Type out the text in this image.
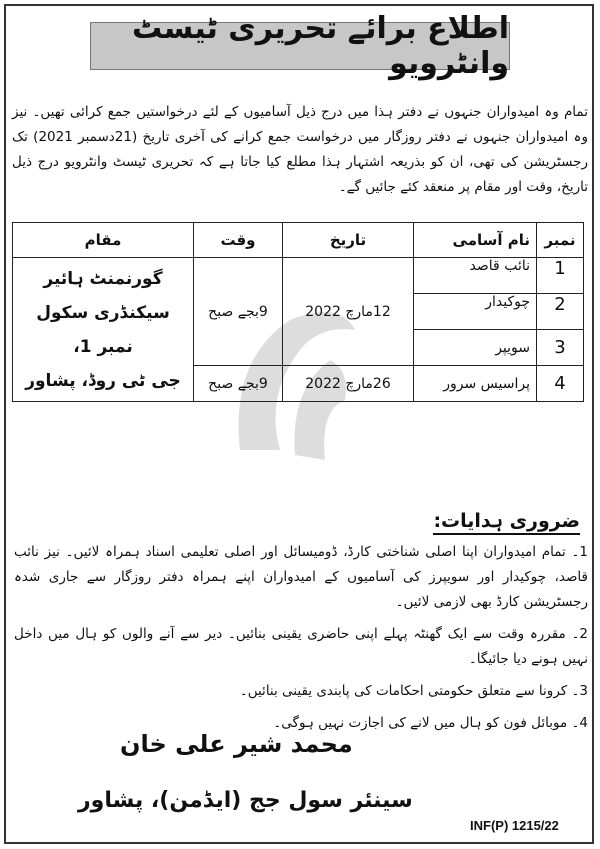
اطلاع برائے تحریری ٹیسٹ وانٹرویو
تمام وہ امیدواران جنہوں نے دفتر ہذا میں درج ذیل آسامیوں کے لئے درخواستیں جمع کرائی تھیں۔ نیز وہ امیدواران جنہوں نے دفتر روزگار میں درخواست جمع کرانے کی آخری تاریخ (21دسمبر 2021) تک رجسٹریشن کی تھی، ان کو بذریعہ اشتہار ہذا مطلع کیا جاتا ہے کہ تحریری ٹیسٹ وانٹرویو درج ذیل تاریخ، وقت اور مقام پر منعقد کئے جائیں گے۔
نمبر	نام آسامی	تاریخ	وقت	مقام
1	نائب قاصد	12مارچ 2022	9بجے صبح	گورنمنٹ ہائیر سیکنڈری سکول نمبر 1،
جی ٹی روڈ، پشاور

2	چوکیدار			
3	سویپر			
4	پراسیس سرور	26مارچ 2022	9بجے صبح	
ضروری ہدایات:

1۔ تمام امیدواران اپنا اصلی شناختی کارڈ، ڈومیسائل اور اصلی تعلیمی اسناد ہمراہ لائیں۔ نیز نائب قاصد، چوکیدار اور سویپرز کی آسامیوں کے امیدواران اپنے ہمراہ دفتر روزگار سے جاری شدہ رجسٹریشن کارڈ بھی لازمی لائیں۔

2۔ مقررہ وقت سے ایک گھنٹہ پہلے اپنی حاضری یقینی بنائیں۔ دیر سے آنے والوں کو ہال میں داخل نہیں ہونے دیا جائیگا۔

3۔ کرونا سے متعلق حکومتی احکامات کی پابندی یقینی بنائیں۔

4۔ موبائل فون کو ہال میں لانے کی اجازت نہیں ہوگی۔

محمد شیر علی خان
سینئر سول جج (ایڈمن)، پشاور
INF(P) 1215/22
